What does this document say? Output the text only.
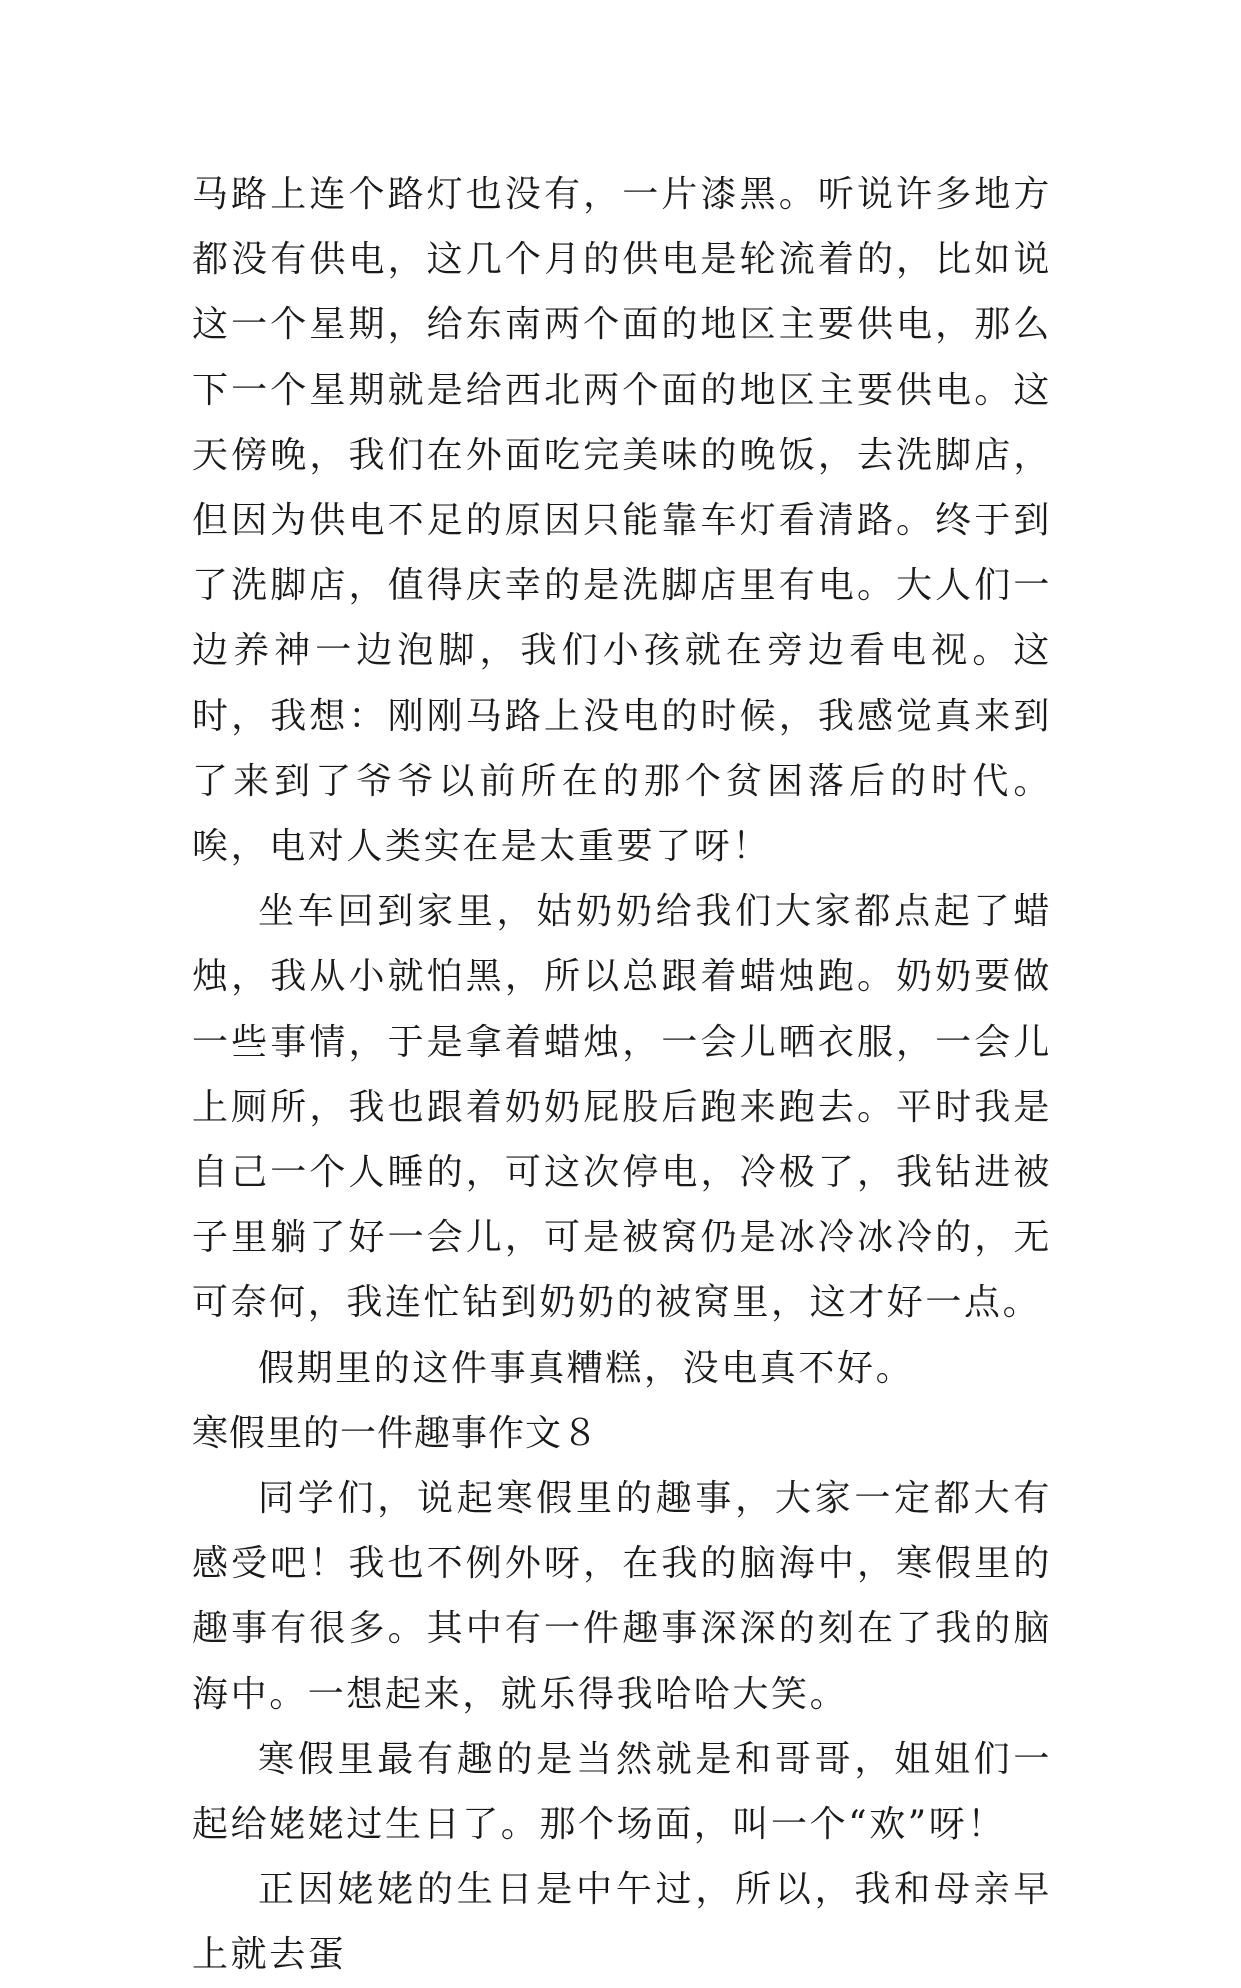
马路上连个路灯也没有，一片漆黑。听说许多地方都没有供电，这几个月的供电是轮流着的，比如说这一个星期，给东南两个面的地区主要供电，那么下一个星期就是给西北两个面的地区主要供电。这天傍晚，我们在外面吃完美味的晚饭，去洗脚店，但因为供电不足的原因只能靠车灯看清路。终于到了洗脚店，值得庆幸的是洗脚店里有电。大人们一边养神一边泡脚，我们小孩就在旁边看电视。这时，我想：刚刚马路上没电的时候，我感觉真来到了来到了爷爷以前所在的那个贫困落后的时代。唉，电对人类实在是太重要了呀！

坐车回到家里，姑奶奶给我们大家都点起了蜡烛，我从小就怕黑，所以总跟着蜡烛跑。奶奶要做一些事情，于是拿着蜡烛，一会儿晒衣服，一会儿上厕所，我也跟着奶奶屁股后跑来跑去。平时我是自己一个人睡的，可这次停电，冷极了，我钻进被子里躺了好一会儿，可是被窝仍是冰冷冰冷的，无可奈何，我连忙钻到奶奶的被窝里，这才好一点。

假期里的这件事真糟糕，没电真不好。

寒假里的一件趣事作文８

同学们，说起寒假里的趣事，大家一定都大有感受吧！我也不例外呀，在我的脑海中，寒假里的趣事有很多。其中有一件趣事深深的刻在了我的脑海中。一想起来，就乐得我哈哈大笑。

寒假里最有趣的是当然就是和哥哥，姐姐们一起给姥姥过生日了。那个场面，叫一个“欢”呀！

正因姥姥的生日是中午过，所以，我和母亲早上就去蛋
